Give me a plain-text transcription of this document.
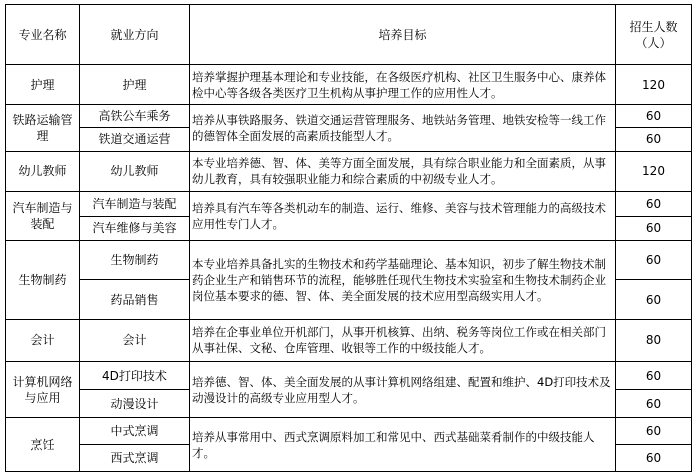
专业名称	就业方向	培养目标	招生人数（人）
护理	护理	培养掌握护理基本理论和专业技能，在各级医疗机构、社区卫生服务中心、康养体检中心等各级各类医疗卫生机构从事护理工作的应用性人才。	120
铁路运输管理	高铁公车乘务	培养从事铁路服务、铁道交通运营管理服务、地铁站务管理、地铁安检等一线工作的德智体全面发展的高素质技能型人才。	60
	铁道交通运营		60
幼儿教师	幼儿教师	本专业培养德、智、体、美等方面全面发展，具有综合职业能力和全面素质，从事幼儿教育，具有较强职业能力和综合素质的中初级专业人才。	120
汽车制造与装配	汽车制造与装配	培养具有汽车等各类机动车的制造、运行、维修、美容与技术管理能力的高级技术应用性专门人才。	60
	汽车维修与美容		60
生物制药	生物制药	本专业培养具备扎实的生物技术和药学基础理论、基本知识，初步了解生物技术制药企业生产和销售环节的流程，能够胜任现代生物技术实验室和生物技术制药企业岗位基本要求的德、智、体、美全面发展的技术应用型高级实用人才。	60
	药品销售		60
会计	会计	培养在企事业单位开机部门，从事开机核算、出纳、税务等岗位工作或在相关部门从事社保、文秘、仓库管理、收银等工作的中级技能人才。	80
计算机网络与应用	4D打印技术	培养德、智、体、美全面发展的从事计算机网络组建、配置和维护、4D打印技术及动漫设计的高级专业应用型人才。	60
	动漫设计		60
烹饪	中式烹调	培养从事常用中、西式烹调原料加工和常见中、西式基础菜肴制作的中级技能人才。	60
	西式烹调		60
